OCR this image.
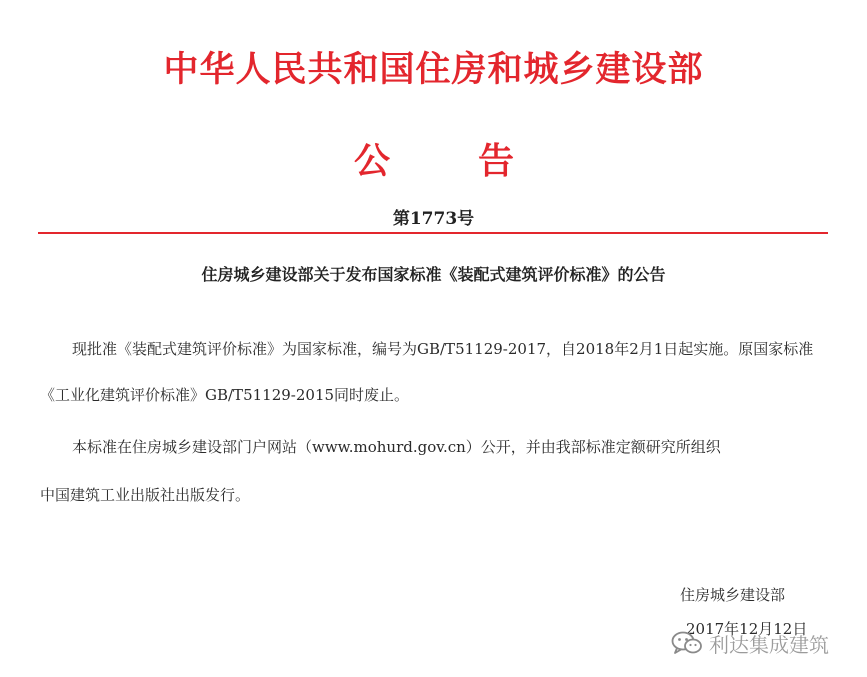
中华人民共和国住房和城乡建设部
公 告
第1773号
住房城乡建设部关于发布国家标准《装配式建筑评价标准》的公告
现批准《装配式建筑评价标准》为国家标准，编号为GB/T51129-2017，自2018年2月1日起实施。原国家标准
《工业化建筑评价标准》GB/T51129-2015同时废止。
本标准在住房城乡建设部门户网站（www.mohurd.gov.cn）公开，并由我部标准定额研究所组织
中国建筑工业出版社出版发行。
住房城乡建设部
2017年12月12日
利达集成建筑
